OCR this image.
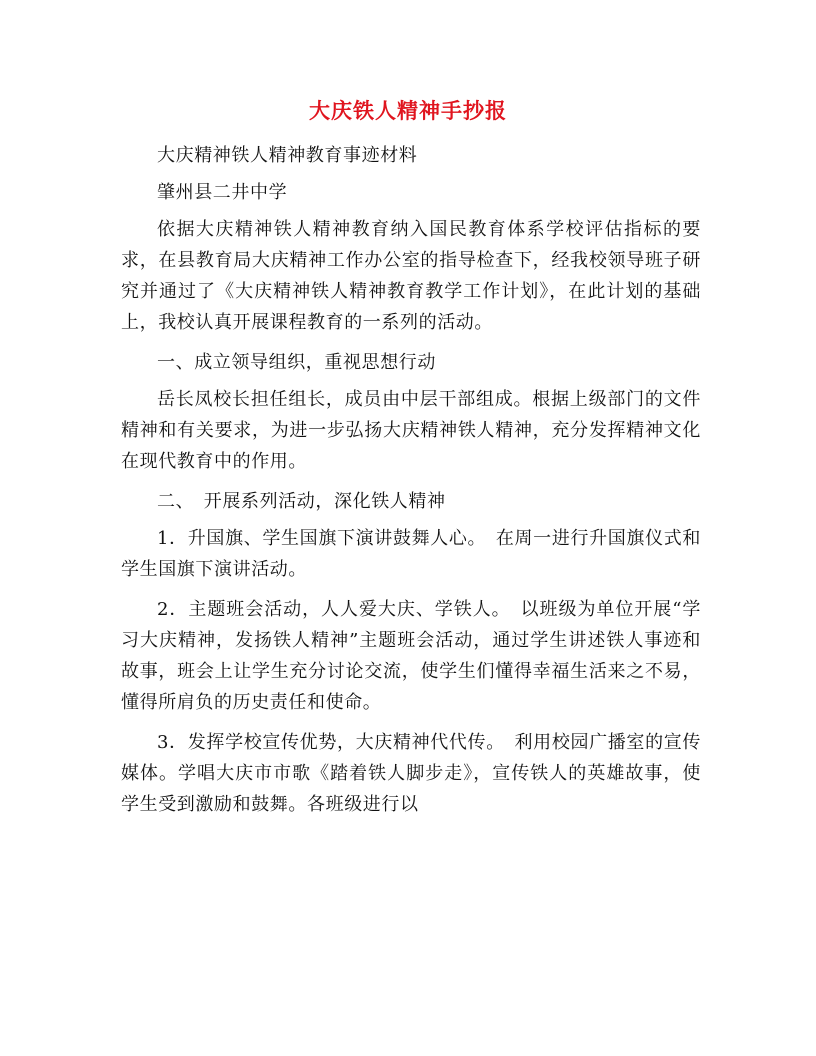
大庆铁人精神手抄报

大庆精神铁人精神教育事迹材料

肇州县二井中学

依据大庆精神铁人精神教育纳入国民教育体系学校评估指标的要求，在县教育局大庆精神工作办公室的指导检查下，经我校领导班子研究并通过了《大庆精神铁人精神教育教学工作计划》，在此计划的基础上，我校认真开展课程教育的一系列的活动。

一、成立领导组织，重视思想行动

岳长凤校长担任组长，成员由中层干部组成。根据上级部门的文件精神和有关要求，为进一步弘扬大庆精神铁人精神，充分发挥精神文化在现代教育中的作用。

二、　开展系列活动，深化铁人精神

1．升国旗、学生国旗下演讲鼓舞人心。　在周一进行升国旗仪式和学生国旗下演讲活动。

2．主题班会活动，人人爱大庆、学铁人。　以班级为单位开展“学习大庆精神，发扬铁人精神”主题班会活动，通过学生讲述铁人事迹和故事，班会上让学生充分讨论交流，使学生们懂得幸福生活来之不易，懂得所肩负的历史责任和使命。

3．发挥学校宣传优势，大庆精神代代传。　利用校园广播室的宣传媒体。学唱大庆市市歌《踏着铁人脚步走》，宣传铁人的英雄故事，使学生受到激励和鼓舞。各班级进行以
